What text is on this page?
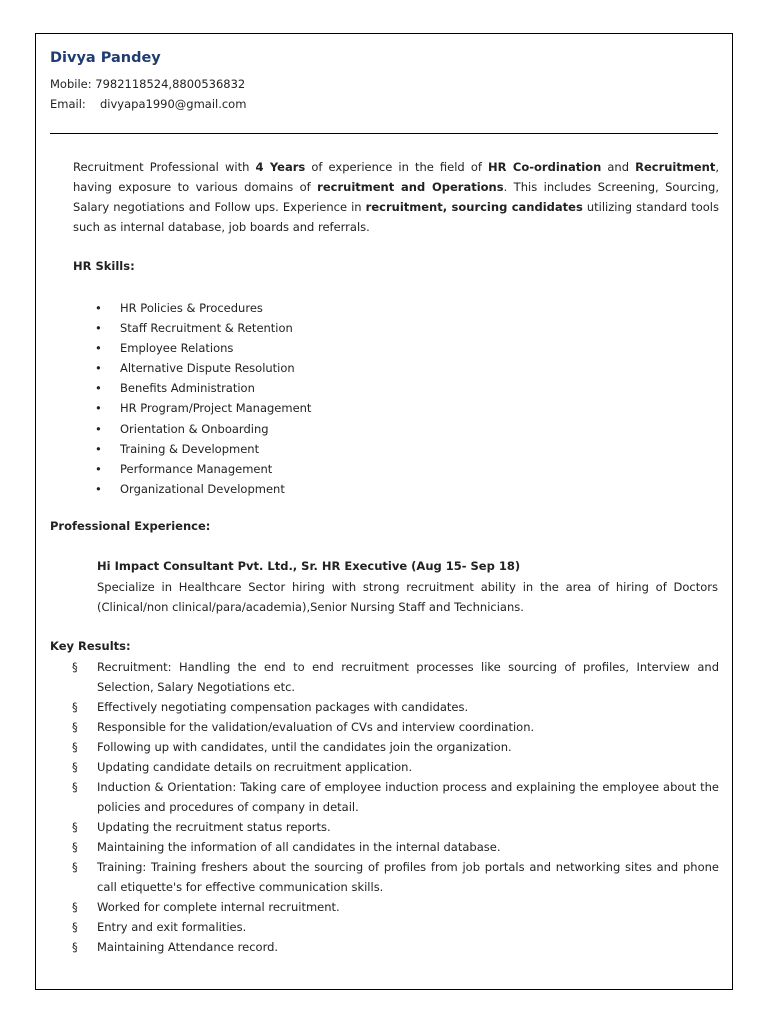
Divya Pandey
Mobile: 7982118524,8800536832
Email: divyapa1990@gmail.com

Recruitment Professional with 4 Years of experience in the field of HR Co-ordination and Recruitment, having exposure to various domains of recruitment and Operations. This includes Screening, Sourcing, Salary negotiations and Follow ups. Experience in recruitment, sourcing candidates utilizing standard tools such as internal database, job boards and referrals.

HR Skills:
• HR Policies & Procedures
• Staff Recruitment & Retention
• Employee Relations
• Alternative Dispute Resolution
• Benefits Administration
• HR Program/Project Management
• Orientation & Onboarding
• Training & Development
• Performance Management
• Organizational Development
Professional Experience:
Hi Impact Consultant Pvt. Ltd., Sr. HR Executive (Aug 15- Sep 18)

Specialize in Healthcare Sector hiring with strong recruitment ability in the area of hiring of Doctors (Clinical/non clinical/para/academia),Senior Nursing Staff and Technicians.

Key Results:
§ Recruitment: Handling the end to end recruitment processes like sourcing of profiles, Interview and Selection, Salary Negotiations etc.
§ Effectively negotiating compensation packages with candidates.
§ Responsible for the validation/evaluation of CVs and interview coordination.
§ Following up with candidates, until the candidates join the organization.
§ Updating candidate details on recruitment application.
§ Induction & Orientation: Taking care of employee induction process and explaining the employee about the policies and procedures of company in detail.
§ Updating the recruitment status reports.
§ Maintaining the information of all candidates in the internal database.
§ Training: Training freshers about the sourcing of profiles from job portals and networking sites and phone call etiquette's for effective communication skills.
§ Worked for complete internal recruitment.
§ Entry and exit formalities.
§ Maintaining Attendance record.
